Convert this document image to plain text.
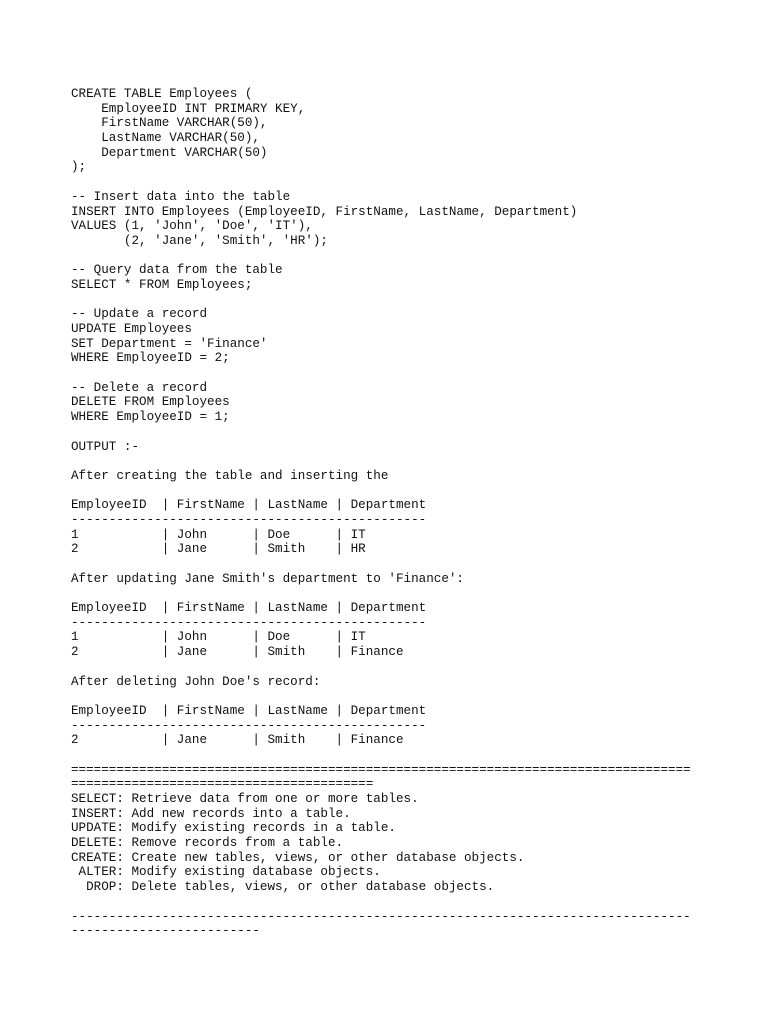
CREATE TABLE Employees (
EmployeeID INT PRIMARY KEY,
FirstName VARCHAR(50),
LastName VARCHAR(50),
Department VARCHAR(50)
);
-- Insert data into the table
INSERT INTO Employees (EmployeeID, FirstName, LastName, Department)
VALUES (1, 'John', 'Doe', 'IT'),
(2, 'Jane', 'Smith', 'HR');
-- Query data from the table
SELECT * FROM Employees;
-- Update a record
UPDATE Employees
SET Department = 'Finance'
WHERE EmployeeID = 2;
-- Delete a record
DELETE FROM Employees
WHERE EmployeeID = 1;
OUTPUT :-
After creating the table and inserting the
EmployeeID  | FirstName | LastName | Department
-----------------------------------------------
1           | John      | Doe      | IT
2           | Jane      | Smith    | HR
After updating Jane Smith's department to 'Finance':
EmployeeID  | FirstName | LastName | Department
-----------------------------------------------
1           | John      | Doe      | IT
2           | Jane      | Smith    | Finance
After deleting John Doe's record:
EmployeeID  | FirstName | LastName | Department
-----------------------------------------------
2           | Jane      | Smith    | Finance
==================================================================================
========================================
SELECT: Retrieve data from one or more tables.
INSERT: Add new records into a table.
UPDATE: Modify existing records in a table.
DELETE: Remove records from a table.
CREATE: Create new tables, views, or other database objects.
ALTER: Modify existing database objects.
DROP: Delete tables, views, or other database objects.
----------------------------------------------------------------------------------
-------------------------
